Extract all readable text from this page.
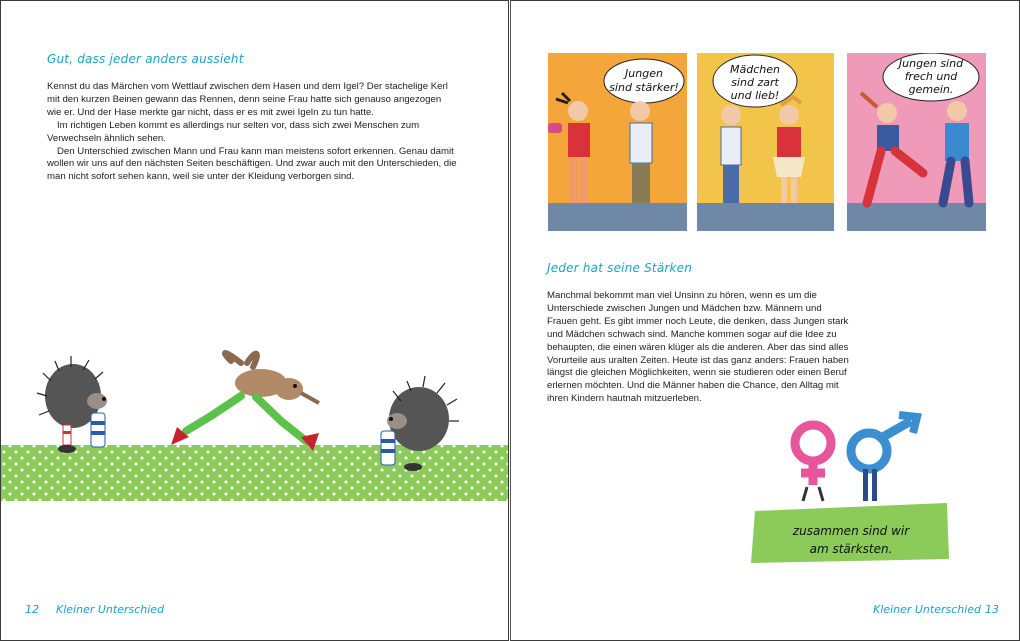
Gut, dass jeder anders aussieht

Kennst du das Märchen vom Wettlauf zwischen dem Hasen und dem Igel? Der stachelige Kerl mit den kurzen Beinen gewann das Rennen, denn seine Frau hatte sich genauso angezogen wie er. Und der Hase merkte gar nicht, dass er es mit zwei Igeln zu tun hatte.

Im richtigen Leben kommt es allerdings nur selten vor, dass sich zwei Menschen zum Verwechseln ähnlich sehen.

Den Unterschied zwischen Mann und Frau kann man meistens sofort erkennen. Genau damit wollen wir uns auf den nächsten Seiten beschäftigen. Und zwar auch mit den Unterschieden, die man nicht sofort sehen kann, weil sie unter der Kleidung verborgen sind.

12 Kleiner Unterschied
Jungen
sind stärker!
Mädchen
sind zart
und lieb!
Jungen sind
frech und
gemein.
Jeder hat seine Stärken

Manchmal bekommt man viel Unsinn zu hören, wenn es um die Unterschiede zwischen Jungen und Mädchen bzw. Männern und Frauen geht. Es gibt immer noch Leute, die denken, dass Jungen stark und Mädchen schwach sind. Manche kommen sogar auf die Idee zu behaupten, die einen wären klüger als die anderen. Aber das sind alles Vorurteile aus uralten Zeiten. Heute ist das ganz anders: Frauen haben längst die gleichen Möglichkeiten, wenn sie studieren oder einen Beruf erlernen möchten. Und die Männer haben die Chance, den Alltag mit ihren Kindern hautnah mitzuerleben.

zusammen sind wir
am stärksten.
Kleiner Unterschied 13
